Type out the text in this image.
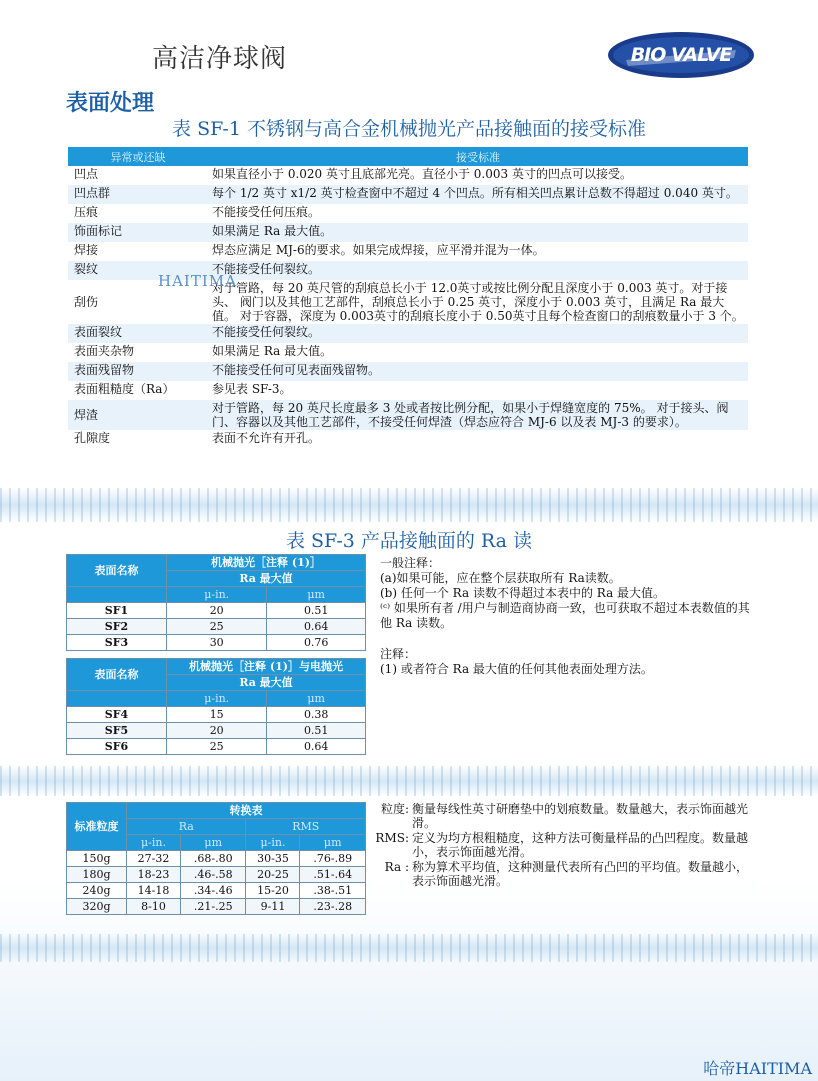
高洁净球阀	BIO VALVE
表面处理
表 SF-1 不锈钢与高合金机械抛光产品接触面的接受标准
异常或还缺	接受标准
凹点	如果直径小于 0.020 英寸且底部光亮。直径小于 0.003 英寸的凹点可以接受。
凹点群	每个 1/2 英寸 x1/2 英寸检查窗中不超过 4 个凹点。所有相关凹点累计总数不得超过 0.040 英寸。
压痕	不能接受任何压痕。
饰面标记	如果满足 Ra 最大值。
焊接	焊态应满足 MJ-6的要求。如果完成焊接，应平滑并混为一体。
裂纹	不能接受任何裂纹。
刮伤	对于管路，每 20 英尺管的刮痕总长小于 12.0英寸或按比例分配且深度小于 0.003 英寸。对于接头、 阀门以及其他工艺部件，刮痕总长小于 0.25 英寸，深度小于 0.003 英寸，且满足 Ra 最大值。 对于容器，深度为 0.003英寸的刮痕长度小于 0.50英寸且每个检查窗口的刮痕数量小于 3 个。
表面裂纹	不能接受任何裂纹。
表面夹杂物	如果满足 Ra 最大值。
表面残留物	不能接受任何可见表面残留物。
表面粗糙度（Ra）	参见表 SF-3。
焊渣	对于管路，每 20 英尺长度最多 3 处或者按比例分配，如果小于焊缝宽度的 75%。 对于接头、阀门、容器以及其他工艺部件，不接受任何焊渣（焊态应符合 MJ-6 以及表 MJ-3 的要求）。
孔隙度	表面不允许有开孔。
HAITIMA
表 SF-3 产品接触面的 Ra 读
表面名称	机械抛光［注释 (1)］	
	Ra 最大值	
	μ-in.	μm
SF1	20	0.51
SF2	25	0.64
SF3	30	0.76
表面名称	机械抛光［注释 (1)］与电抛光	
	Ra 最大值	
	μ-in.	μm
SF4	15	0.38
SF5	20	0.51
SF6	25	0.64
一般注释：
(a)如果可能，应在整个层获取所有 Ra读数。
(b) 任何一个 Ra 读数不得超过本表中的 Ra 最大值。
⁽ᶜ⁾ 如果所有者 /用户与制造商协商一致，也可获取不超过本表数值的其他 Ra 读数。
注释：
(1) 或者符合 Ra 最大值的任何其他表面处理方法。
标准粒度	转换表			
	Ra		RMS	
	μ-in.	μm	μ-in.	μm
150g	27-32	.68-.80	30-35	.76-.89
180g	18-23	.46-.58	20-25	.51-.64
240g	14-18	.34-.46	15-20	.38-.51
320g	8-10	.21-.25	9-11	.23-.28
粒度: 衡量每线性英寸研磨垫中的划痕数量。数量越大，表示饰面越光滑。
RMS: 定义为均方根粗糙度，这种方法可衡量样品的凸凹程度。数量越小，表示饰面越光滑。
Ra : 称为算术平均值，这种测量代表所有凸凹的平均值。数量越小，表示饰面越光滑。
哈帝HAITIMA
